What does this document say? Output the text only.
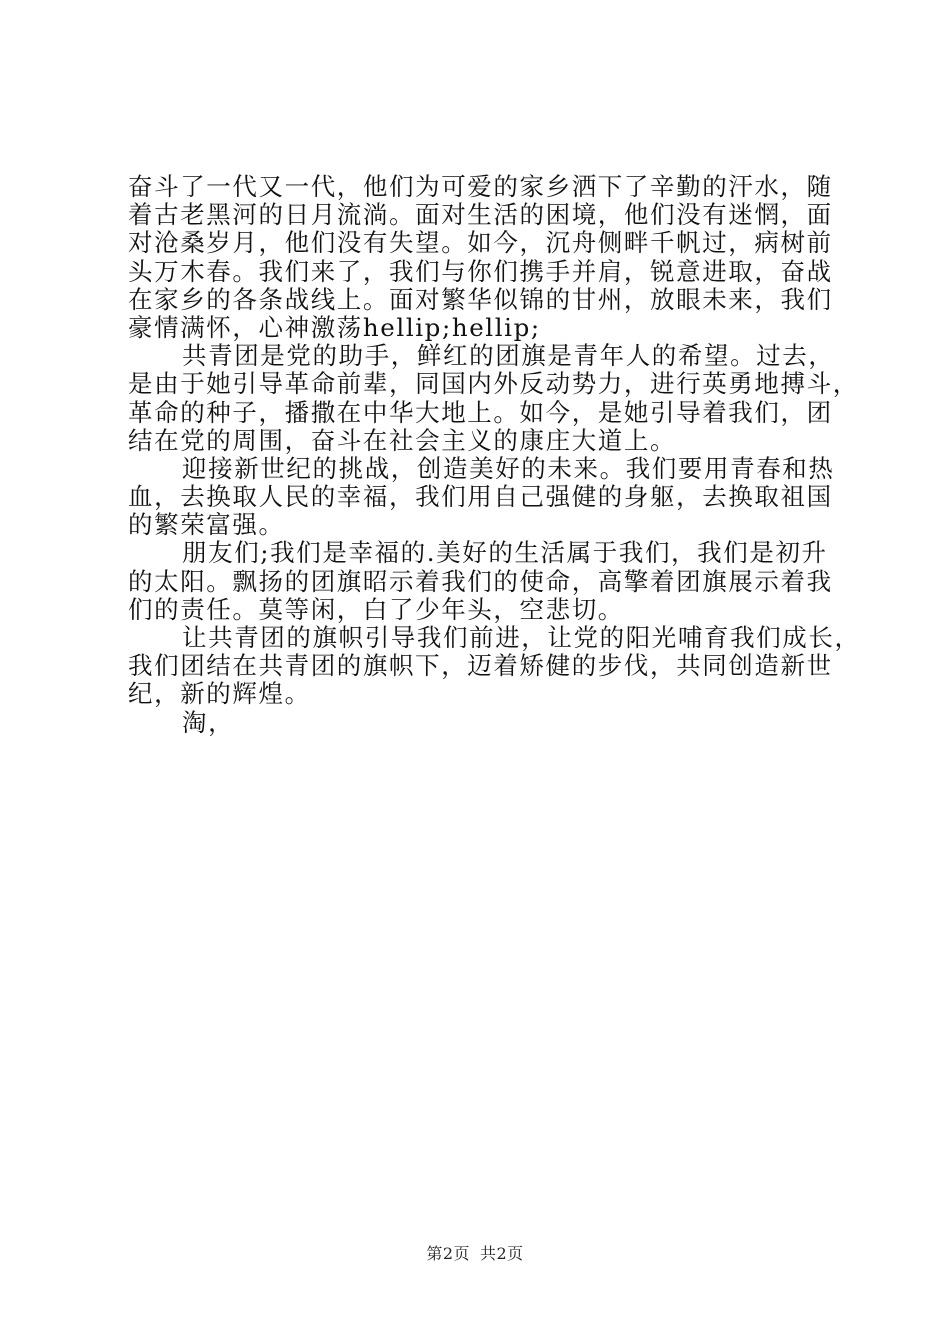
奋斗了一代又一代，他们为可爱的家乡洒下了辛勤的汗水，随
着古老黑河的日月流淌。面对生活的困境，他们没有迷惘，面
对沧桑岁月，他们没有失望。如今，沉舟侧畔千帆过，病树前
头万木春。我们来了，我们与你们携手并肩，锐意进取，奋战
在家乡的各条战线上。面对繁华似锦的甘州，放眼未来，我们
豪情满怀，心神激荡hellip;hellip;
共青团是党的助手，鲜红的团旗是青年人的希望。过去，
是由于她引导革命前辈，同国内外反动势力，进行英勇地搏斗，
革命的种子，播撒在中华大地上。如今，是她引导着我们，团
结在党的周围，奋斗在社会主义的康庄大道上。
迎接新世纪的挑战，创造美好的未来。我们要用青春和热
血，去换取人民的幸福，我们用自己强健的身躯，去换取祖国
的繁荣富强。
朋友们;我们是幸福的.美好的生活属于我们，我们是初升
的太阳。飘扬的团旗昭示着我们的使命，高擎着团旗展示着我
们的责任。莫等闲，白了少年头，空悲切。
让共青团的旗帜引导我们前进，让党的阳光哺育我们成长，
我们团结在共青团的旗帜下，迈着矫健的步伐，共同创造新世
纪，新的辉煌。
淘，
第2页 共2页
